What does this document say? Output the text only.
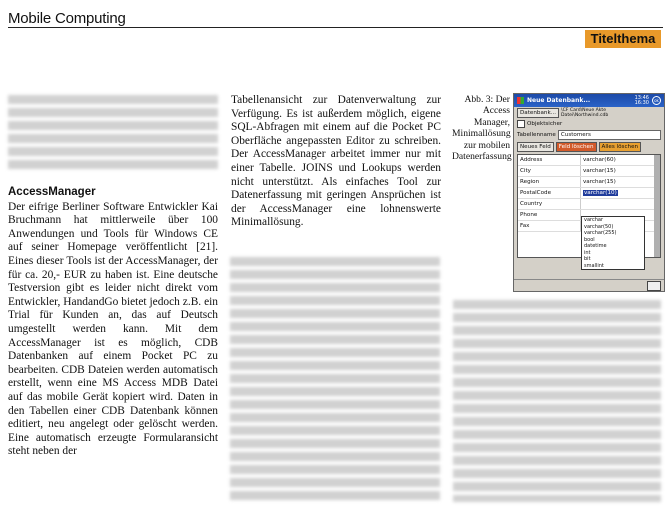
Mobile Computing
Titelthema
AccessManager

Der eifrige Berliner Software Entwickler Kai Bruchmann hat mittlerweile über 100 Anwendungen und Tools für Windows CE auf seiner Homepage veröffentlicht [21]. Eines dieser Tools ist der AccessManager, der für ca. 20,- EUR zu haben ist. Eine deutsche Testversion gibt es leider nicht direkt vom Entwickler, HandandGo bietet jedoch z.B. ein Trial für Kunden an, das auf Deutsch umgestellt werden kann. Mit dem AccessManager ist es möglich, CDB Datenbanken auf einem Pocket PC zu bearbeiten. CDB Dateien werden automatisch erstellt, wenn eine MS Access MDB Datei auf das mobile Gerät kopiert wird. Daten in den Tabellen einer CDB Datenbank können editiert, neu angelegt oder gelöscht werden. Eine automatisch erzeugte Formularansicht steht neben der

Tabellenansicht zur Datenverwaltung zur Verfügung. Es ist außerdem möglich, eigene SQL-Abfragen mit einem auf die Pocket PC Oberfläche angepassten Editor zu schreiben. Der AccessManager arbeitet immer nur mit einer Tabelle. JOINS und Lookups werden nicht unterstützt. Als einfaches Tool zur Datenerfassung mit geringen Ansprüchen ist der AccessManager eine lohnenswerte Minimallösung.

Abb. 3: Der Access Manager, Minimallösung zur mobilen Datenerfassung
Neue Datenbank...	13:46
16:30	ok
Datenbank...	\CF Card\Neue Akte
Datei\Northwind.cdb
Objektsicher
Tabellenname Customers
Neues Feld	Feld löschen	Alles löschen
Address	varchar(60)
City	varchar(15)
Region	varchar(15)
PostalCode	varchar(10)
Country
Phone
Fax
varchar
varchar(50)
varchar(255)
bool
datetime
int
bit
smallint
